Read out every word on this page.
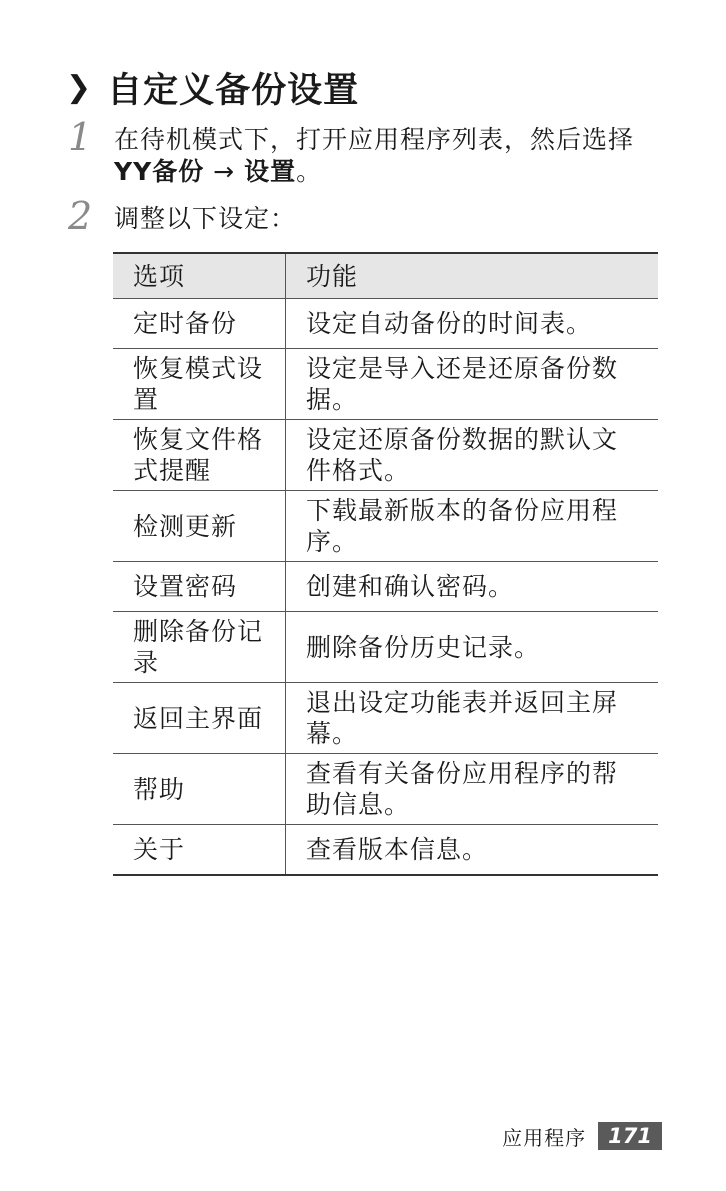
❯ 自定义备份设置
1 在待机模式下，打开应用程序列表，然后选择 YY备份 → 设置。
2 调整以下设定：
选项	功能
定时备份	设定自动备份的时间表。
恢复模式设置	设定是导入还是还原备份数据。
恢复文件格式提醒	设定还原备份数据的默认文件格式。
检测更新	下载最新版本的备份应用程序。
设置密码	创建和确认密码。
删除备份记录	删除备份历史记录。
返回主界面	退出设定功能表并返回主屏幕。
帮助	查看有关备份应用程序的帮助信息。
关于	查看版本信息。
应用程序	171
